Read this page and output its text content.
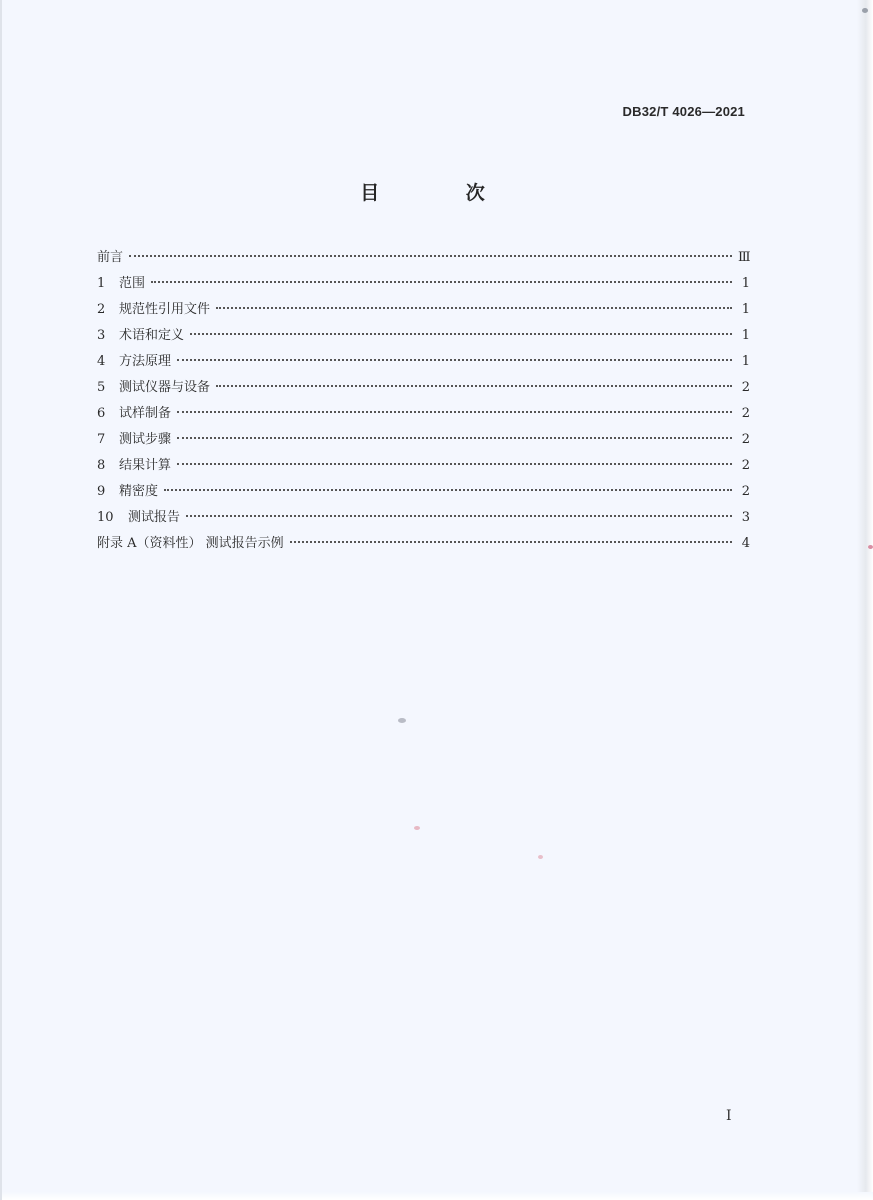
DB32/T 4026—2021
目 次
前言	Ⅲ
1	范围	1
2	规范性引用文件	1
3	术语和定义	1
4	方法原理	1
5	测试仪器与设备	2
6	试样制备	2
7	测试步骤	2
8	结果计算	2
9	精密度	2
10	测试报告	3
附录 A（资料性） 测试报告示例	4
I
